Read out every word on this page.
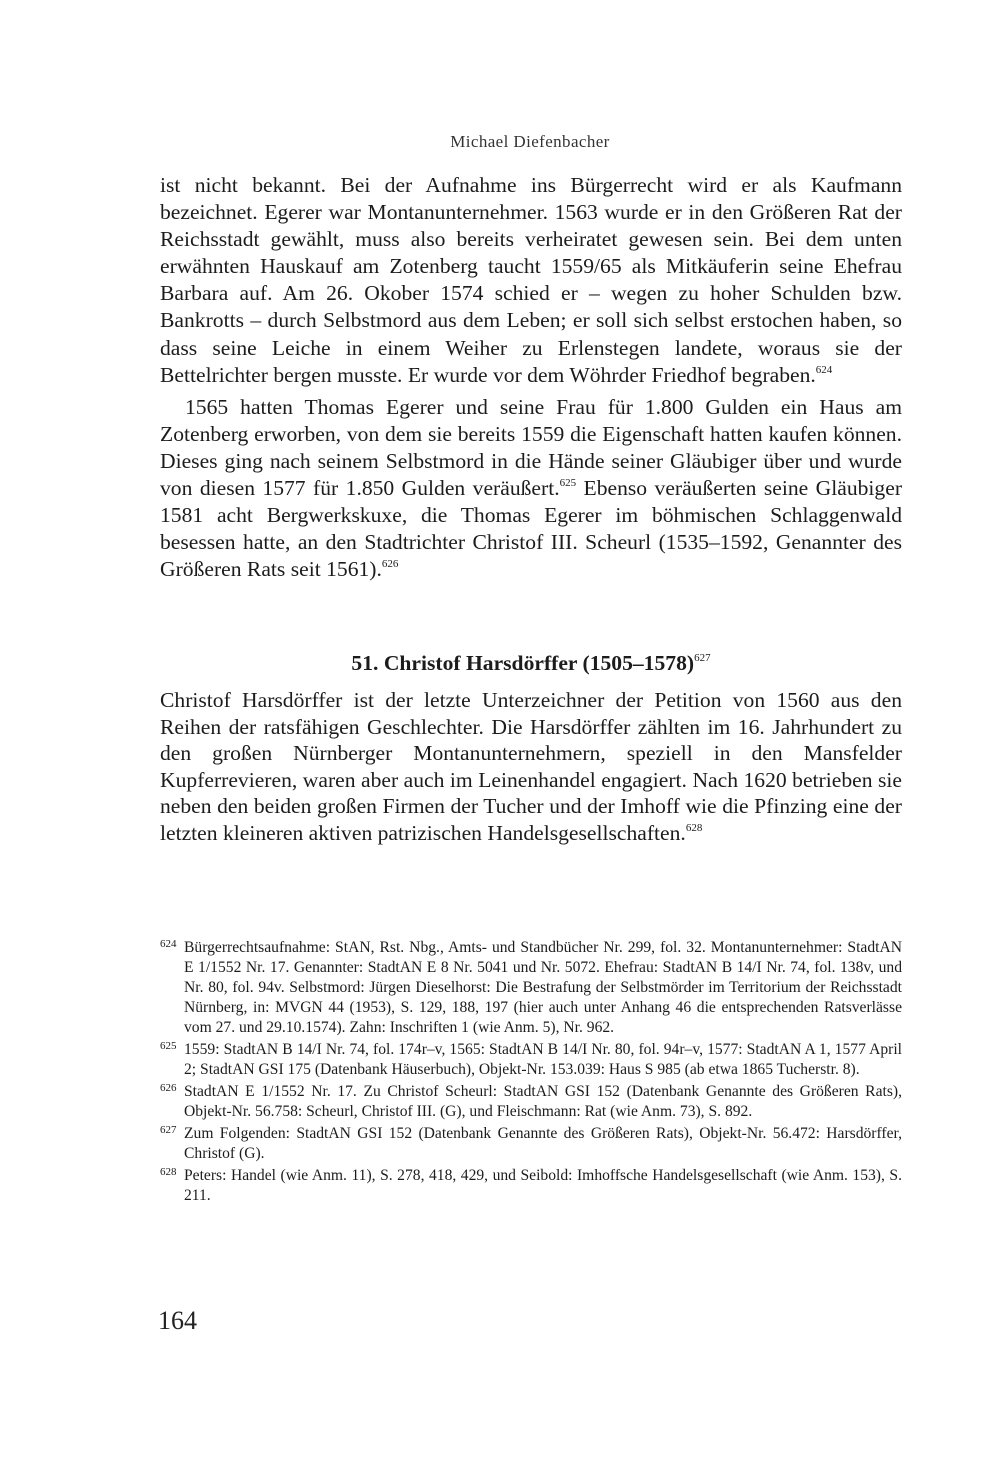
Michael Diefenbacher

ist nicht bekannt. Bei der Aufnahme ins Bürgerrecht wird er als Kaufmann bezeichnet. Egerer war Montanunternehmer. 1563 wurde er in den Größeren Rat der Reichsstadt gewählt, muss also bereits verheiratet gewesen sein. Bei dem unten erwähnten Hauskauf am Zotenberg taucht 1559/65 als Mitkäuferin seine Ehefrau Barbara auf. Am 26. Okober 1574 schied er – wegen zu hoher Schulden bzw. Bankrotts – durch Selbstmord aus dem Leben; er soll sich selbst erstochen haben, so dass seine Leiche in einem Weiher zu Erlenstegen landete, woraus sie der Bettelrichter bergen musste. Er wurde vor dem Wöhrder Friedhof begraben.$^{624}$

1565 hatten Thomas Egerer und seine Frau für 1.800 Gulden ein Haus am Zotenberg erworben, von dem sie bereits 1559 die Eigenschaft hatten kaufen können. Dieses ging nach seinem Selbstmord in die Hände seiner Gläubiger über und wurde von diesen 1577 für 1.850 Gulden veräußert.$^{625}$ Ebenso veräußerten seine Gläubiger 1581 acht Bergwerkskuxe, die Thomas Egerer im böhmischen Schlaggenwald besessen hatte, an den Stadtrichter Christof III. Scheurl (1535–1592, Genannter des Größeren Rats seit 1561).$^{626}$

51. Christof Harsdörffer (1505–1578)$^{627}$

Christof Harsdörffer ist der letzte Unterzeichner der Petition von 1560 aus den Reihen der ratsfähigen Geschlechter. Die Harsdörffer zählten im 16. Jahrhundert zu den großen Nürnberger Montanunternehmern, speziell in den Mansfelder Kupferrevieren, waren aber auch im Leinenhandel engagiert. Nach 1620 betrieben sie neben den beiden großen Firmen der Tucher und der Imhoff wie die Pfinzing eine der letzten kleineren aktiven patrizischen Handelsgesellschaften.$^{628}$

624 Bürgerrechtsaufnahme: StAN, Rst. Nbg., Amts- und Standbücher Nr. 299, fol. 32. Montanunternehmer: StadtAN E 1/1552 Nr. 17. Genannter: StadtAN E 8 Nr. 5041 und Nr. 5072. Ehefrau: StadtAN B 14/I Nr. 74, fol. 138v, und Nr. 80, fol. 94v. Selbstmord: Jürgen Dieselhorst: Die Bestrafung der Selbstmörder im Territorium der Reichsstadt Nürnberg, in: MVGN 44 (1953), S. 129, 188, 197 (hier auch unter Anhang 46 die entsprechenden Ratsverlässe vom 27. und 29.10.1574). Zahn: Inschriften 1 (wie Anm. 5), Nr. 962.
625 1559: StadtAN B 14/I Nr. 74, fol. 174r–v, 1565: StadtAN B 14/I Nr. 80, fol. 94r–v, 1577: StadtAN A 1, 1577 April 2; StadtAN GSI 175 (Datenbank Häuserbuch), Objekt-Nr. 153.039: Haus S 985 (ab etwa 1865 Tucherstr. 8).
626 StadtAN E 1/1552 Nr. 17. Zu Christof Scheurl: StadtAN GSI 152 (Datenbank Genannte des Größeren Rats), Objekt-Nr. 56.758: Scheurl, Christof III. (G), und Fleischmann: Rat (wie Anm. 73), S. 892.
627 Zum Folgenden: StadtAN GSI 152 (Datenbank Genannte des Größeren Rats), Objekt-Nr. 56.472: Harsdörffer, Christof (G).
628 Peters: Handel (wie Anm. 11), S. 278, 418, 429, und Seibold: Imhoffsche Handelsgesellschaft (wie Anm. 153), S. 211.
164
